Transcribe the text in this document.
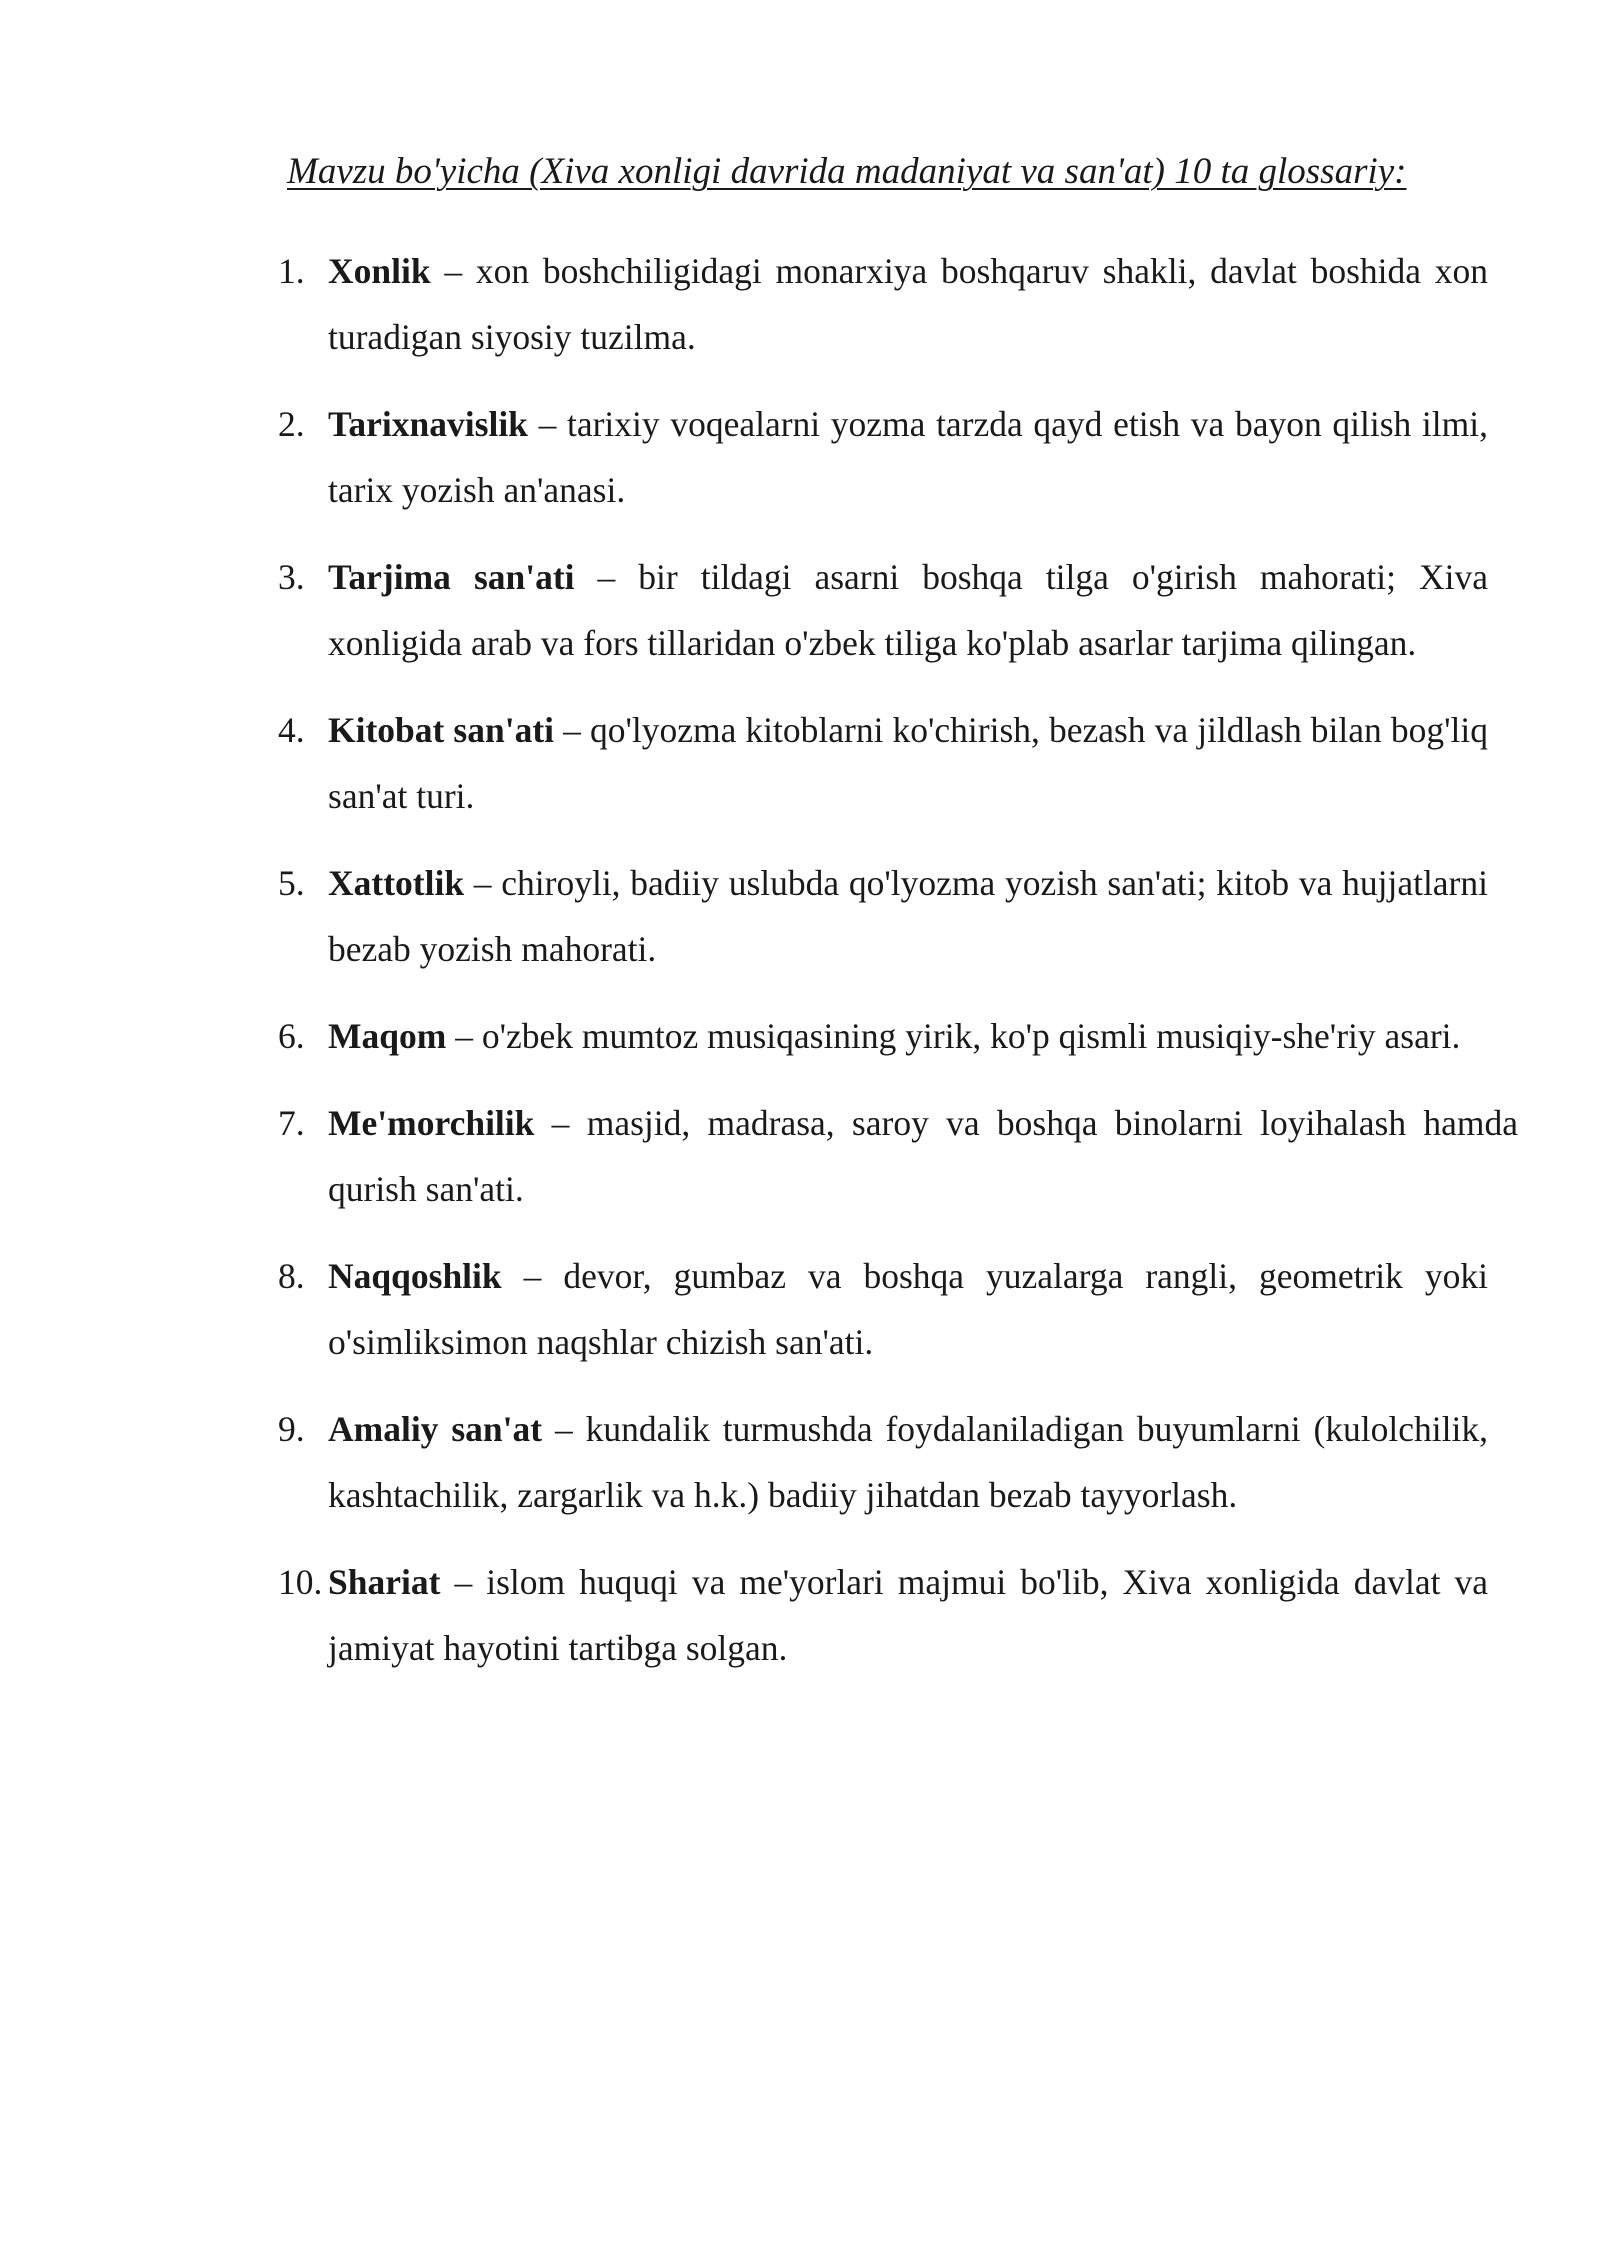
Mavzu bo'yicha (Xiva xonligi davrida madaniyat va san'at) 10 ta glossariy:
1. Xonlik – xon boshchiligidagi monarxiya boshqaruv shakli, davlat boshida xon turadigan siyosiy tuzilma.
2. Tarixnavislik – tarixiy voqealarni yozma tarzda qayd etish va bayon qilish ilmi, tarix yozish an'anasi.
3. Tarjima san'ati – bir tildagi asarni boshqa tilga o'girish mahorati; Xiva xonligida arab va fors tillaridan o'zbek tiliga ko'plab asarlar tarjima qilingan.
4. Kitobat san'ati – qo'lyozma kitoblarni ko'chirish, bezash va jildlash bilan bog'liq san'at turi.
5. Xattotlik – chiroyli, badiiy uslubda qo'lyozma yozish san'ati; kitob va hujjatlarni bezab yozish mahorati.
6. Maqom – o'zbek mumtoz musiqasining yirik, ko'p qismli musiqiy-she'riy asari.
7. Me'morchilik – masjid, madrasa, saroy va boshqa binolarni loyihalash hamda qurish san'ati.
8. Naqqoshlik – devor, gumbaz va boshqa yuzalarga rangli, geometrik yoki o'simliksimon naqshlar chizish san'ati.
9. Amaliy san'at – kundalik turmushda foydalaniladigan buyumlarni (kulolchilik, kashtachilik, zargarlik va h.k.) badiiy jihatdan bezab tayyorlash.
10. Shariat – islom huquqi va me'yorlari majmui bo'lib, Xiva xonligida davlat va jamiyat hayotini tartibga solgan.
